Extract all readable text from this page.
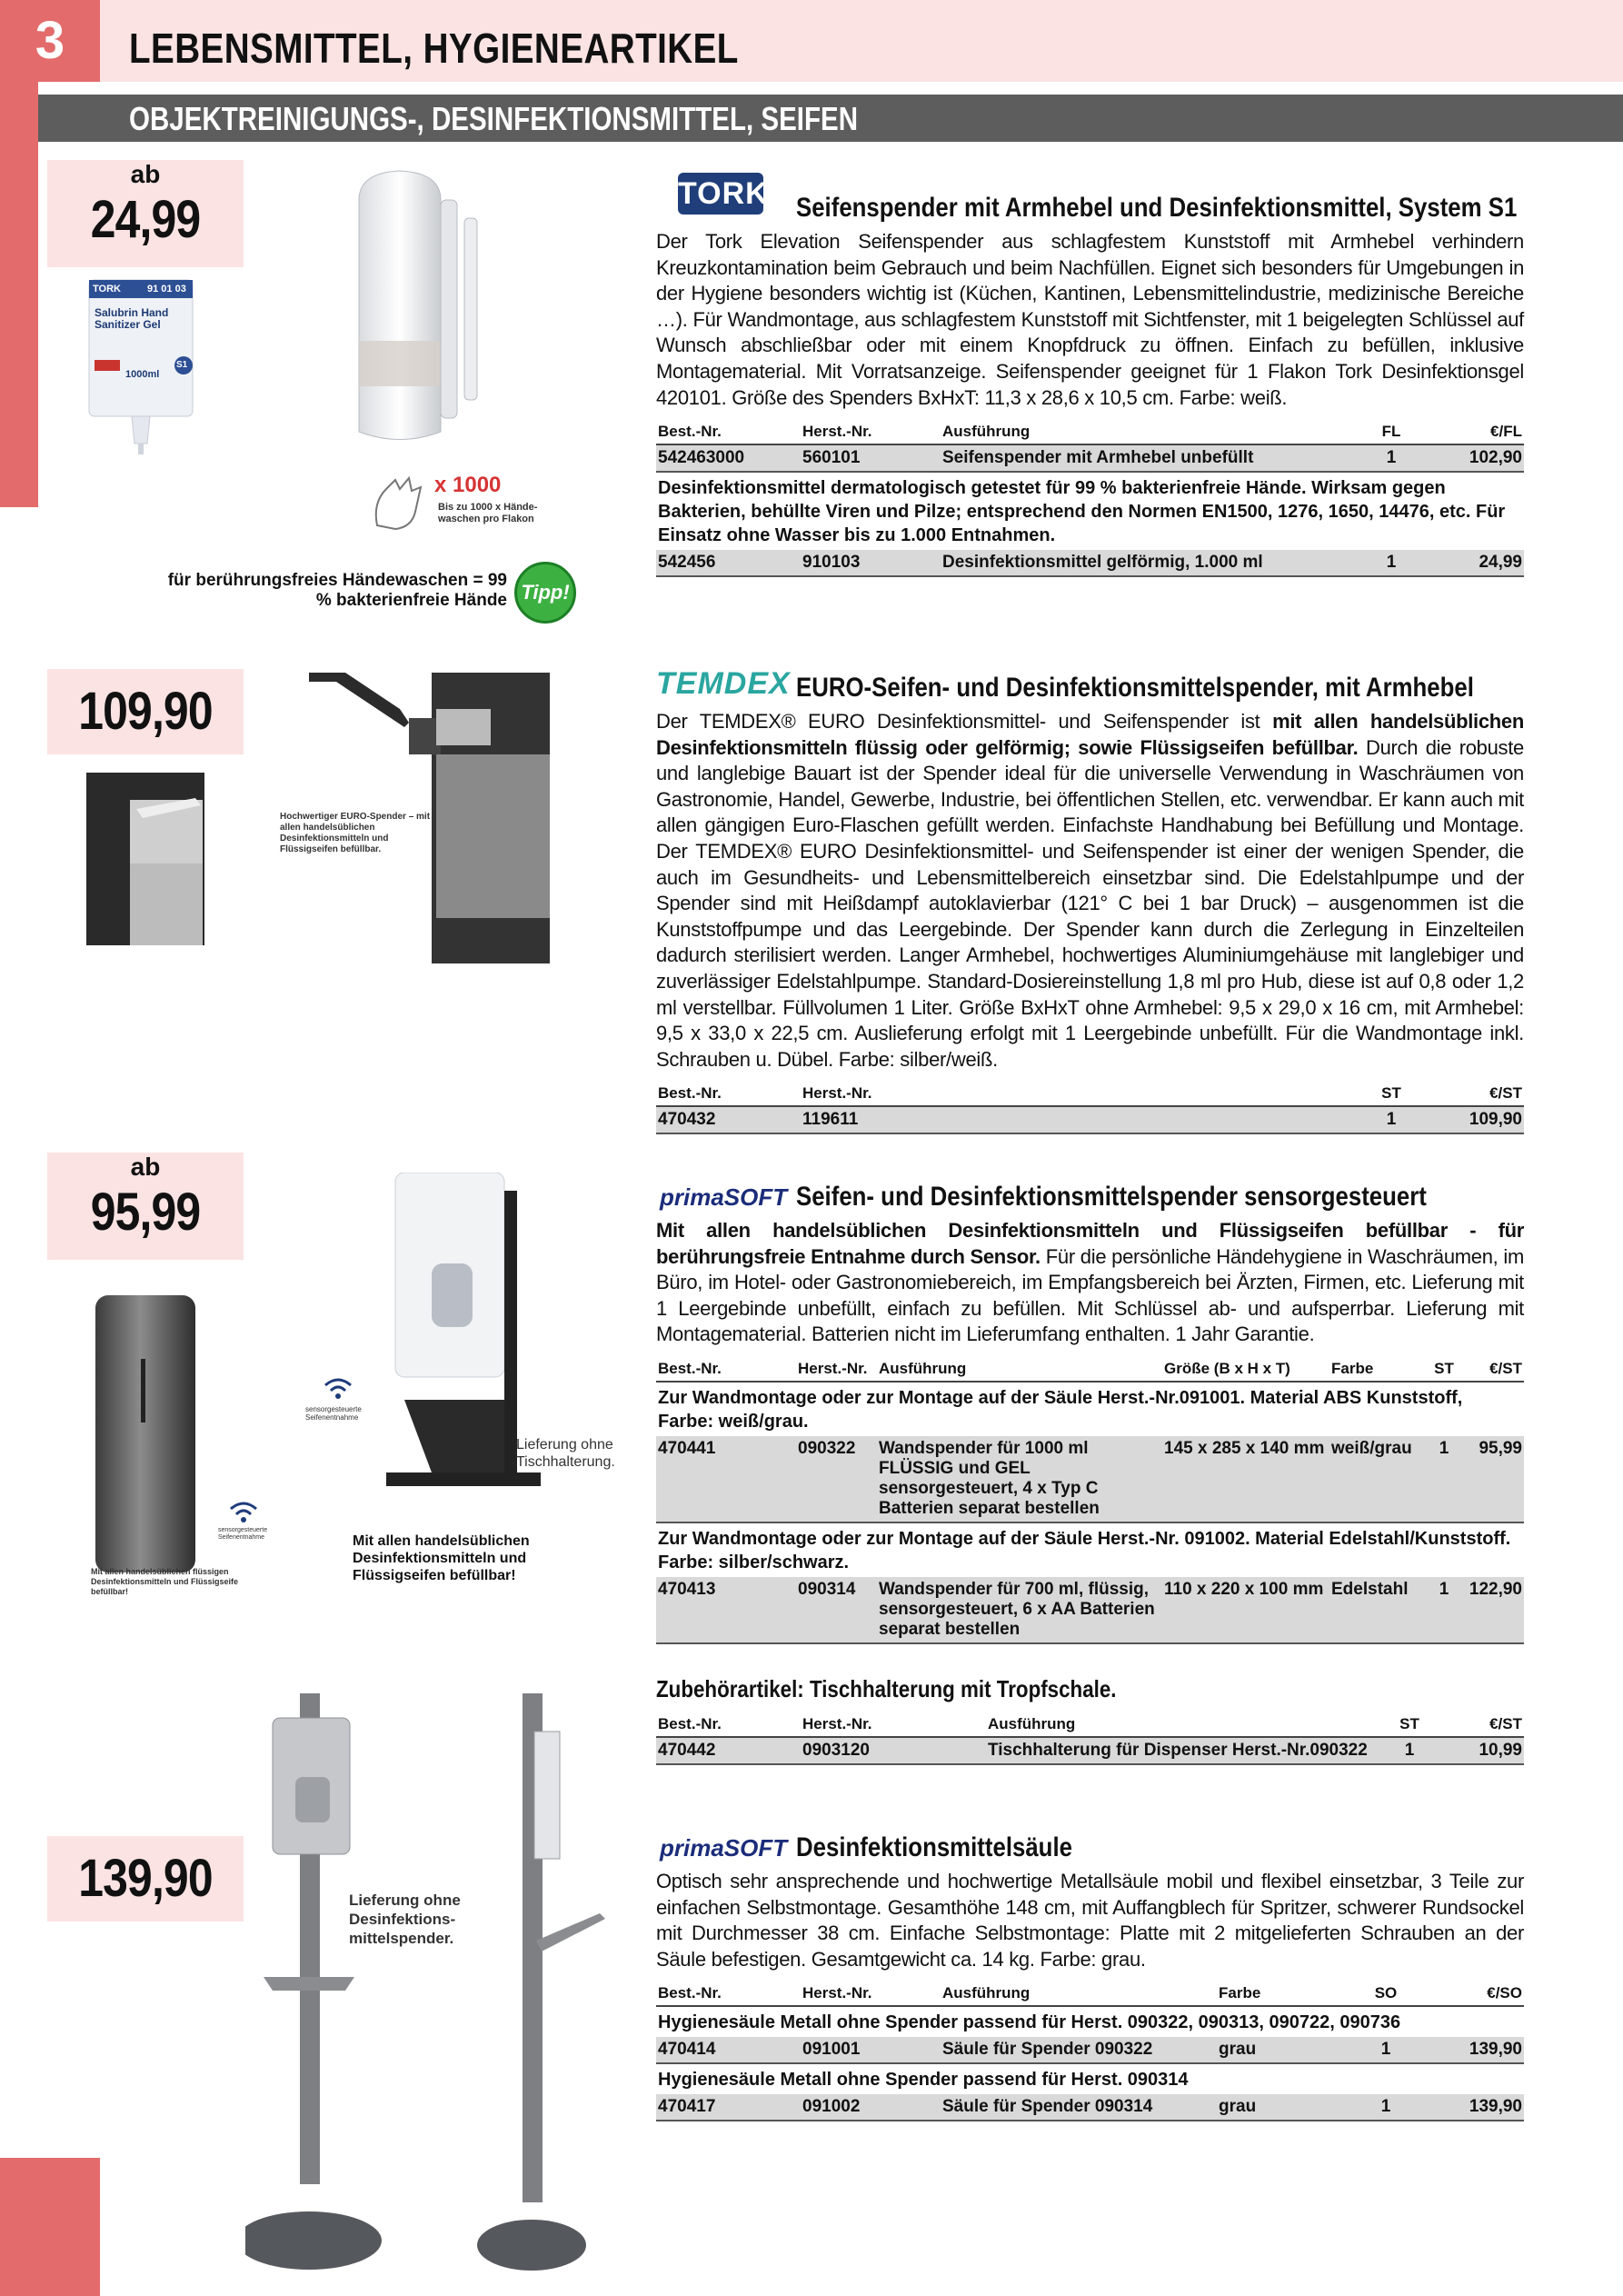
3	LEBENSMITTEL, HYGIENEARTIKEL
OBJEKTREINIGUNGS-, DESINFEKTIONSMITTEL, SEIFEN
ab
24,99
TORK	91 01 03
Salubrin Hand Sanitizer Gel
1000ml
S1
x 1000
Bis zu 1000 x Hände-waschen pro Flakon
für berührungsfreies Händewaschen = 99 % bakterienfreie Hände Tipp!
TORK Seifenspender mit Armhebel und Desinfektionsmittel, System S1
Der Tork Elevation Seifenspender aus schlagfestem Kunststoff mit Armhebel verhindern Kreuzkontamination beim Gebrauch und beim Nachfüllen. Eignet sich besonders für Umgebungen in der Hygiene besonders wichtig ist (Küchen, Kantinen, Lebensmittelindustrie, medizinische Bereiche …). Für Wandmontage, aus schlagfestem Kunststoff mit Sichtfenster, mit 1 beigelegten Schlüssel auf Wunsch abschließbar oder mit einem Knopfdruck zu öffnen. Einfach zu befüllen, inklusive Montagematerial. Mit Vorratsanzeige. Seifenspender geeignet für 1 Flakon Tork Desinfektionsgel 420101. Größe des Spenders BxHxT: 11,3 x 28,6 x 10,5 cm. Farbe: weiß.
Best.-Nr.	Herst.-Nr.	Ausführung	FL	€/FL
542463000	560101	Seifenspender mit Armhebel unbefüllt	1	102,90
Desinfektionsmittel dermatologisch getestet für 99 % bakterienfreie Hände. Wirksam gegen Bakterien, behüllte Viren und Pilze; entsprechend den Normen EN1500, 1276, 1650, 14476, etc. Für Einsatz ohne Wasser bis zu 1.000 Entnahmen.				
542456	910103	Desinfektionsmittel gelförmig, 1.000 ml	1	24,99
109,90
Hochwertiger EURO-Spender – mit allen handelsüblichen Desinfektionsmitteln und Flüssigseifen befüllbar.
TEMDEX EURO-Seifen- und Desinfektionsmittelspender, mit Armhebel
Der TEMDEX® EURO Desinfektionsmittel- und Seifenspender ist mit allen handelsüblichen Desinfektionsmitteln flüssig oder gelförmig; sowie Flüssigseifen befüllbar. Durch die robuste und langlebige Bauart ist der Spender ideal für die universelle Verwendung in Waschräumen von Gastronomie, Handel, Gewerbe, Industrie, bei öffentlichen Stellen, etc. verwendbar. Er kann auch mit allen gängigen Euro-Flaschen gefüllt werden. Einfachste Handhabung bei Befüllung und Montage. Der TEMDEX® EURO Desinfektionsmittel- und Seifenspender ist einer der wenigen Spender, die auch im Gesundheits- und Lebensmittelbereich einsetzbar sind. Die Edelstahlpumpe und der Spender sind mit Heißdampf autoklavierbar (121° C bei 1 bar Druck) – ausgenommen ist die Kunststoffpumpe und das Leergebinde. Der Spender kann durch die Zerlegung in Einzelteilen dadurch sterilisiert werden. Langer Armhebel, hochwertiges Aluminiumgehäuse mit langlebiger und zuverlässiger Edelstahlpumpe. Standard-Dosiereinstellung 1,8 ml pro Hub, diese ist auf 0,8 oder 1,2 ml verstellbar. Füllvolumen 1 Liter. Größe BxHxT ohne Armhebel: 9,5 x 29,0 x 16 cm, mit Armhebel: 9,5 x 33,0 x 22,5 cm. Auslieferung erfolgt mit 1 Leergebinde unbefüllt. Für die Wandmontage inkl. Schrauben u. Dübel. Farbe: silber/weiß.
Best.-Nr.	Herst.-Nr.	ST	€/ST
470432	119611	1	109,90
ab
95,99
Mit allen handelsüblichen flüssigen Desinfektionsmitteln und Flüssigseife befüllbar!
sensorgesteuerte Seifenentnahme
sensorgesteuerte Seifenentnahme
Mit allen handelsüblichen Desinfektionsmitteln und Flüssigseifen befüllbar!
Lieferung ohne Tischhalterung.
primaSOFT Seifen- und Desinfektionsmittelspender sensorgesteuert
Mit allen handelsüblichen Desinfektionsmitteln und Flüssigseifen befüllbar - für berührungsfreie Entnahme durch Sensor. Für die persönliche Händehygiene in Waschräumen, im Büro, im Hotel- oder Gastronomiebereich, im Empfangsbereich bei Ärzten, Firmen, etc. Lieferung mit 1 Leergebinde unbefüllt, einfach zu befüllen. Mit Schlüssel ab- und aufsperrbar. Lieferung mit Montagematerial. Batterien nicht im Lieferumfang enthalten. 1 Jahr Garantie.
Best.-Nr.	Herst.-Nr.	Ausführung	Größe (B x H x T)	Farbe	ST	€/ST
Zur Wandmontage oder zur Montage auf der Säule Herst.-Nr.091001. Material ABS Kunststoff, Farbe: weiß/grau.						
470441	090322	Wandspender für 1000 ml FLÜSSIG und GEL sensorgesteuert, 4 x Typ C Batterien separat bestellen	145 x 285 x 140 mm	weiß/grau	1	95,99
Zur Wandmontage oder zur Montage auf der Säule Herst.-Nr. 091002. Material Edelstahl/Kunststoff. Farbe: silber/schwarz.						
470413	090314	Wandspender für 700 ml, flüssig, sensorgesteuert, 6 x AA Batterien separat bestellen	110 x 220 x 100 mm	Edelstahl	1	122,90
Zubehörartikel: Tischhalterung mit Tropfschale.
Best.-Nr.	Herst.-Nr.	Ausführung	ST	€/ST
470442	0903120	Tischhalterung für Dispenser Herst.-Nr.090322	1	10,99
139,90	Lieferung ohne Desinfektions-mittelspender.
primaSOFT Desinfektionsmittelsäule
Optisch sehr ansprechende und hochwertige Metallsäule mobil und flexibel einsetzbar, 3 Teile zur einfachen Selbstmontage. Gesamthöhe 148 cm, mit Auffangblech für Spritzer, schwerer Rundsockel mit Durchmesser 38 cm. Einfache Selbstmontage: Platte mit 2 mitgelieferten Schrauben an der Säule befestigen. Gesamtgewicht ca. 14 kg. Farbe: grau.
Best.-Nr.	Herst.-Nr.	Ausführung	Farbe	SO	€/SO
Hygienesäule Metall ohne Spender passend für Herst. 090322, 090313, 090722, 090736					
470414	091001	Säule für Spender 090322	grau	1	139,90
Hygienesäule Metall ohne Spender passend für Herst. 090314					
470417	091002	Säule für Spender 090314	grau	1	139,90
